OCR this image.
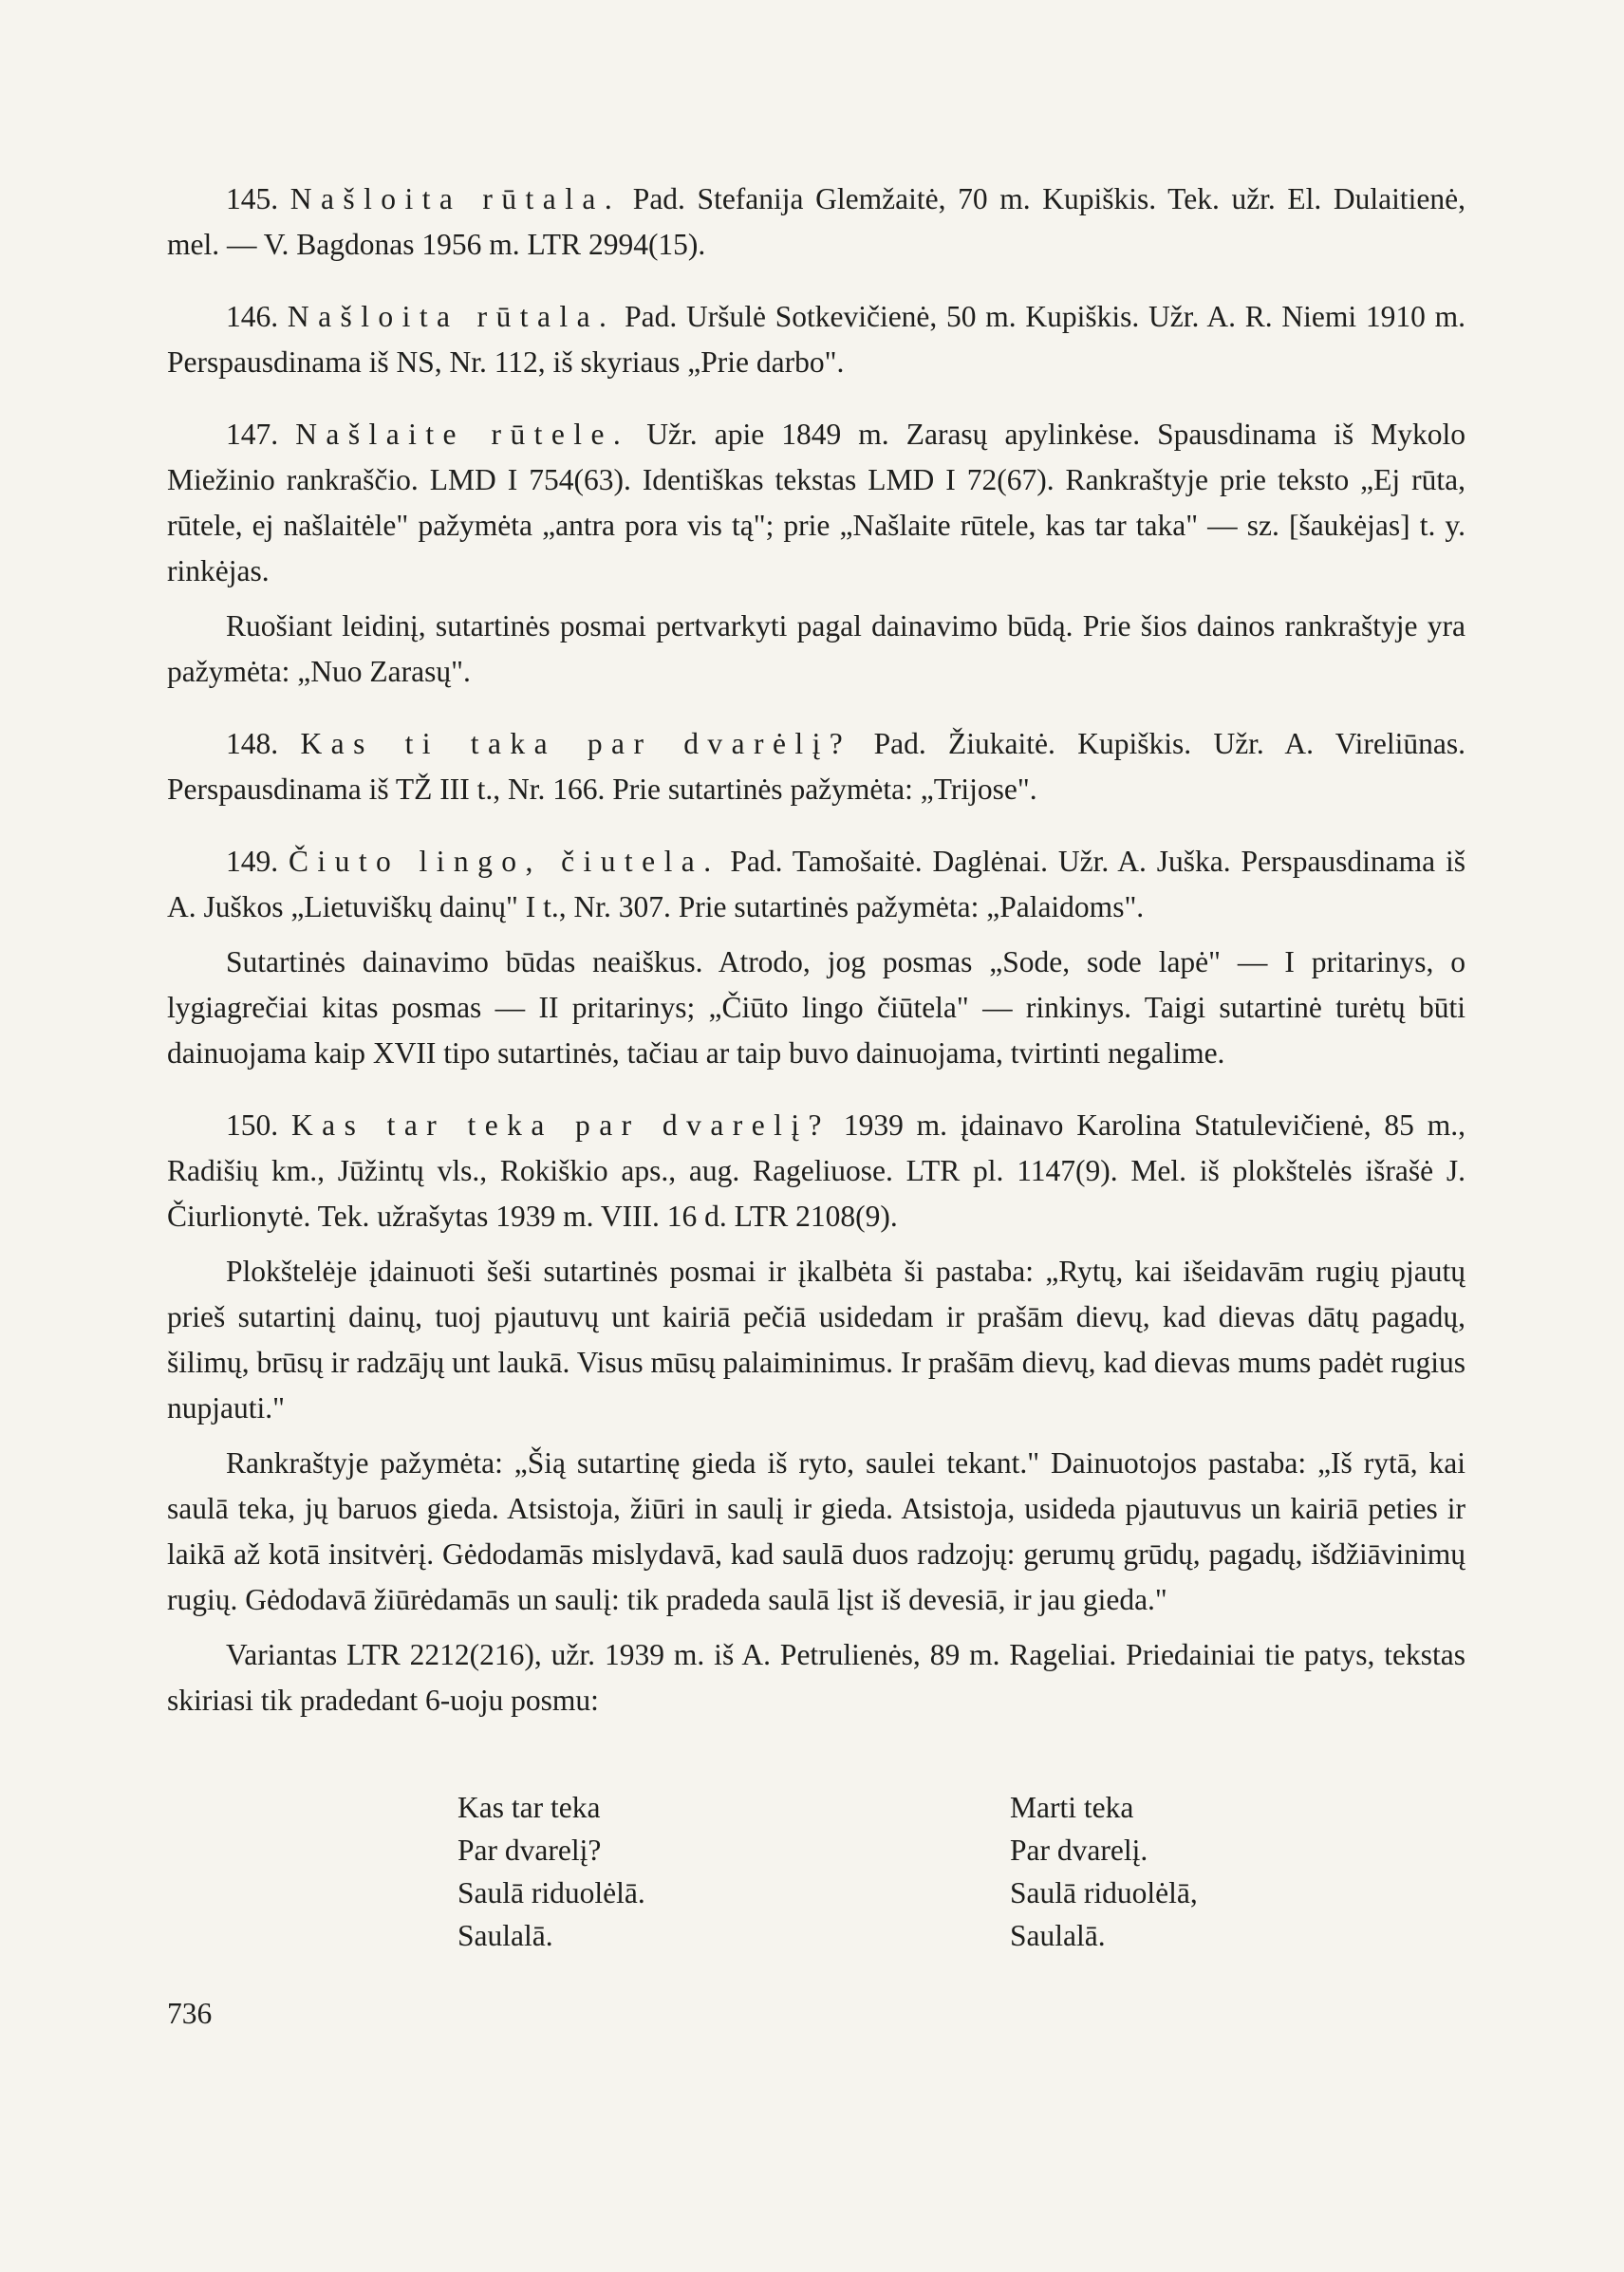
145. Našloita rūtala. Pad. Stefanija Glemžaitė, 70 m. Kupiškis. Tek. užr. El. Dulaitienė, mel. — V. Bagdonas 1956 m. LTR 2994(15).

146. Našloita rūtala. Pad. Uršulė Sotkevičienė, 50 m. Kupiškis. Užr. A. R. Niemi 1910 m. Perspausdinama iš NS, Nr. 112, iš skyriaus „Prie darbo".

147. Našlaite rūtele. Užr. apie 1849 m. Zarasų apylinkėse. Spausdinama iš Mykolo Miežinio rankraščio. LMD I 754(63). Identiškas tekstas LMD I 72(67). Rankraštyje prie teksto „Ej rūta, rūtele, ej našlaitėle" pažymėta „antra pora vis tą"; prie „Našlaite rūtele, kas tar taka" — sz. [šaukėjas] t. y. rinkėjas.

Ruošiant leidinį, sutartinės posmai pertvarkyti pagal dainavimo būdą. Prie šios dainos rankraštyje yra pažymėta: „Nuo Zarasų".

148. Kas ti taka par dvarėlį? Pad. Žiukaitė. Kupiškis. Užr. A. Vireliūnas. Perspausdinama iš TŽ III t., Nr. 166. Prie sutartinės pažymėta: „Trijose".

149. Čiuto lingo, čiutela. Pad. Tamošaitė. Daglėnai. Užr. A. Juška. Perspausdinama iš A. Juškos „Lietuviškų dainų" I t., Nr. 307. Prie sutartinės pažymėta: „Palaidoms".

Sutartinės dainavimo būdas neaiškus. Atrodo, jog posmas „Sode, sode lapė" — I pritarinys, o lygiagrečiai kitas posmas — II pritarinys; „Čiūto lingo čiūtela" — rinkinys. Taigi sutartinė turėtų būti dainuojama kaip XVII tipo sutartinės, tačiau ar taip buvo dainuojama, tvirtinti negalime.

150. Kas tar teka par dvarelį? 1939 m. įdainavo Karolina Statulevičienė, 85 m., Radišių km., Jūžintų vls., Rokiškio aps., aug. Rageliuose. LTR pl. 1147(9). Mel. iš plokštelės išrašė J. Čiurlionytė. Tek. užrašytas 1939 m. VIII. 16 d. LTR 2108(9).

Plokštelėje įdainuoti šeši sutartinės posmai ir įkalbėta ši pastaba: „Rytų, kai išeidavām rugių pjautų prieš sutartinį dainų, tuoj pjautuvų unt kairiā pečiā usidedam ir prašām dievų, kad dievas dātų pagadų, šilimų, brūsų ir radzājų unt laukā. Visus mūsų palaiminimus. Ir prašām dievų, kad dievas mums padėt rugius nupjauti."

Rankraštyje pažymėta: „Šią sutartinę gieda iš ryto, saulei tekant." Dainuotojos pastaba: „Iš rytā, kai saulā teka, jų baruos gieda. Atsistoja, žiūri in saulį ir gieda. Atsistoja, usideda pjautuvus un kairiā peties ir laikā až kotā insitvėrį. Gėdodamās mislydavā, kad saulā duos radzojų: gerumų grūdų, pagadų, išdžiāvinimų rugių. Gėdodavā žiūrėdamās un saulį: tik pradeda saulā lįst iš devesiā, ir jau gieda."

Variantas LTR 2212(216), užr. 1939 m. iš A. Petrulienės, 89 m. Rageliai. Priedainiai tie patys, tekstas skiriasi tik pradedant 6-uoju posmu:

Kas tar teka
Par dvarelį?
Saulā riduolėlā.
Saulalā.
Marti teka
Par dvarelį.
Saulā riduolėlā,
Saulalā.
736
